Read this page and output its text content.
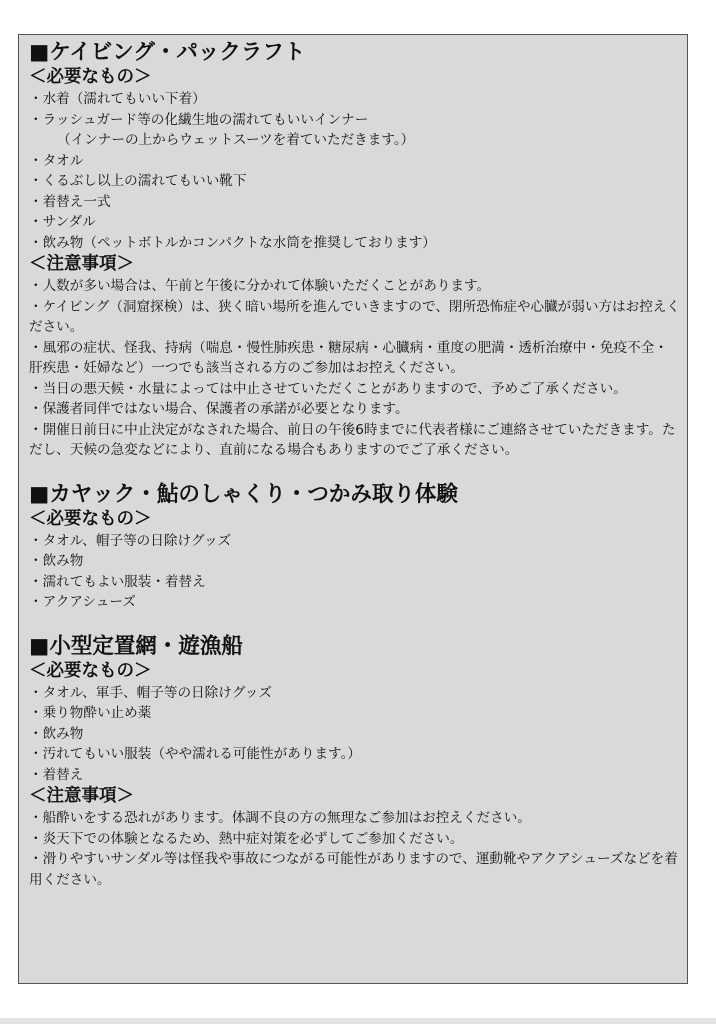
■ケイビング・パックラフト
＜必要なもの＞
・水着（濡れてもいい下着）
・ラッシュガード等の化繊生地の濡れてもいいインナー
（インナーの上からウェットスーツを着ていただきます。）
・タオル
・くるぶし以上の濡れてもいい靴下
・着替え一式
・サンダル
・飲み物（ペットボトルかコンパクトな水筒を推奨しております）
＜注意事項＞
・人数が多い場合は、午前と午後に分かれて体験いただくことがあります。
・ケイビング（洞窟探検）は、狭く暗い場所を進んでいきますので、閉所恐怖症や心臓が弱い方はお控えください。
・風邪の症状、怪我、持病（喘息・慢性肺疾患・糖尿病・心臓病・重度の肥満・透析治療中・免疫不全・肝疾患・妊婦など）一つでも該当される方のご参加はお控えください。
・当日の悪天候・水量によっては中止させていただくことがありますので、予めご了承ください。
・保護者同伴ではない場合、保護者の承諾が必要となります。
・開催日前日に中止決定がなされた場合、前日の午後6時までに代表者様にご連絡させていただきます。ただし、天候の急変などにより、直前になる場合もありますのでご了承ください。
■カヤック・鮎のしゃくり・つかみ取り体験
＜必要なもの＞
・タオル、帽子等の日除けグッズ
・飲み物
・濡れてもよい服装・着替え
・アクアシューズ
■小型定置網・遊漁船
＜必要なもの＞
・タオル、軍手、帽子等の日除けグッズ
・乗り物酔い止め薬
・飲み物
・汚れてもいい服装（やや濡れる可能性があります。）
・着替え
＜注意事項＞
・船酔いをする恐れがあります。体調不良の方の無理なご参加はお控えください。
・炎天下での体験となるため、熱中症対策を必ずしてご参加ください。
・滑りやすいサンダル等は怪我や事故につながる可能性がありますので、運動靴やアクアシューズなどを着用ください。
